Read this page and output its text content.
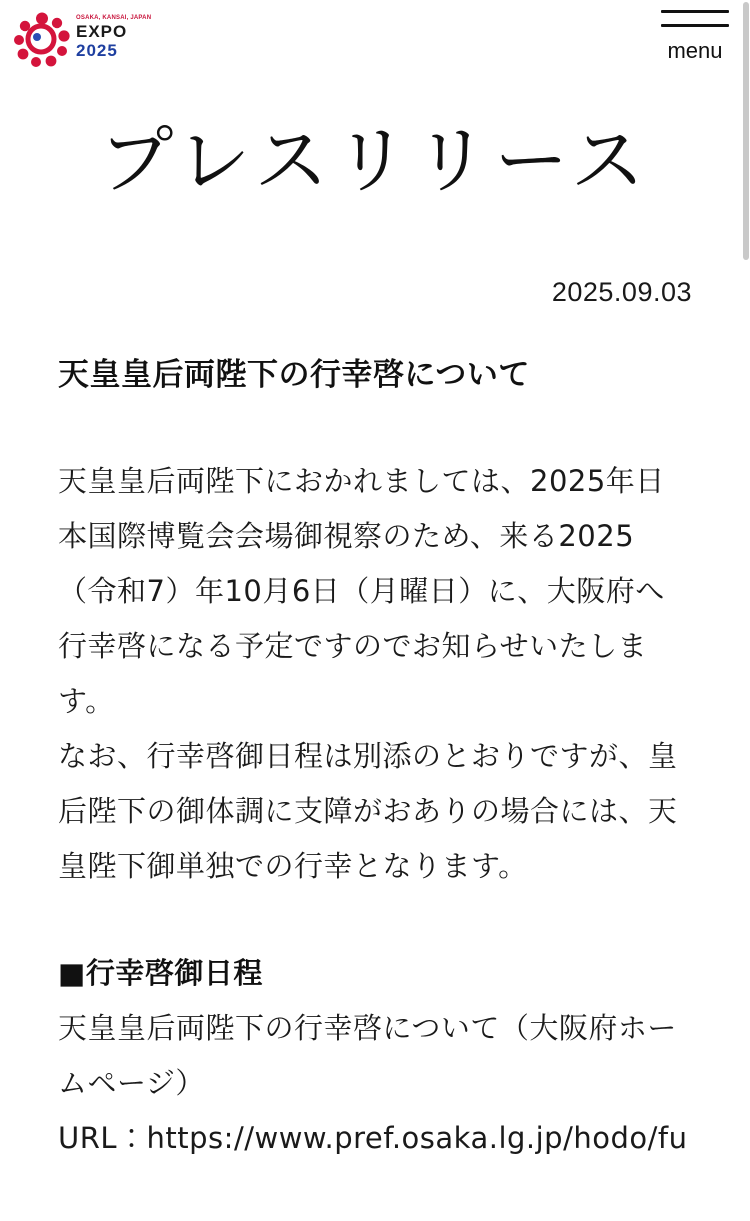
OSAKA, KANSAI, JAPAN
EXPO
2025	menu
プレスリリース
2025.09.03
天皇皇后両陛下の行幸啓について

天皇皇后両陛下におかれましては、2025年日本国際博覧会会場御視察のため、来る2025（令和7）年10月6日（月曜日）に、大阪府へ行幸啓になる予定ですのでお知らせいたします。

なお、行幸啓御日程は別添のとおりですが、皇后陛下の御体調に支障がおありの場合には、天皇陛下御単独での行幸となります。

■行幸啓御日程
天皇皇后両陛下の行幸啓について（大阪府ホームページ）
URL：https://www.pref.osaka.lg.jp/hodo/fu
